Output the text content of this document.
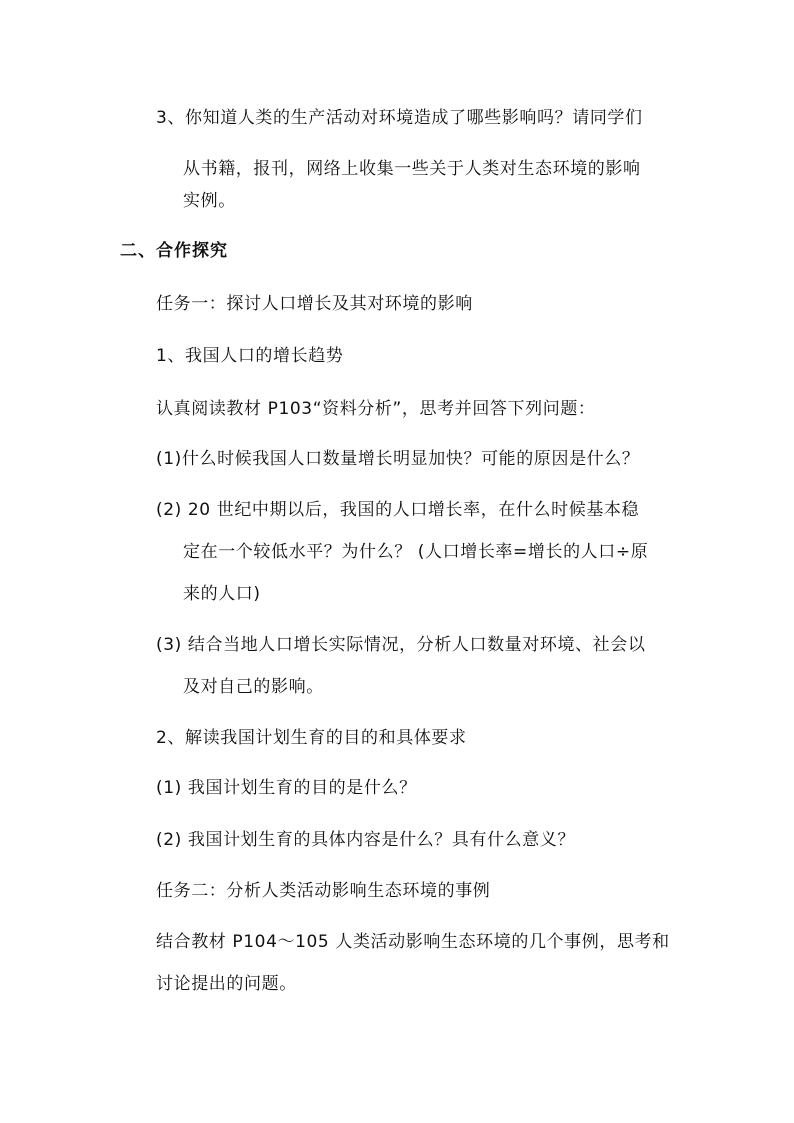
3、你知道人类的生产活动对环境造成了哪些影响吗？请同学们
从书籍，报刊，网络上收集一些关于人类对生态环境的影响
实例。
二、合作探究
任务一：探讨人口增长及其对环境的影响
1、我国人口的增长趋势
认真阅读教材 P103“资料分析”，思考并回答下列问题：
(1)什么时候我国人口数量增长明显加快？可能的原因是什么？
(2) 20 世纪中期以后，我国的人口增长率，在什么时候基本稳
定在一个较低水平？为什么？ (人口增长率=增长的人口÷原
来的人口)
(3) 结合当地人口增长实际情况，分析人口数量对环境、社会以
及对自己的影响。
2、解读我国计划生育的目的和具体要求
(1) 我国计划生育的目的是什么？
(2) 我国计划生育的具体内容是什么？具有什么意义？
任务二：分析人类活动影响生态环境的事例
结合教材 P104～105 人类活动影响生态环境的几个事例，思考和
讨论提出的问题。
